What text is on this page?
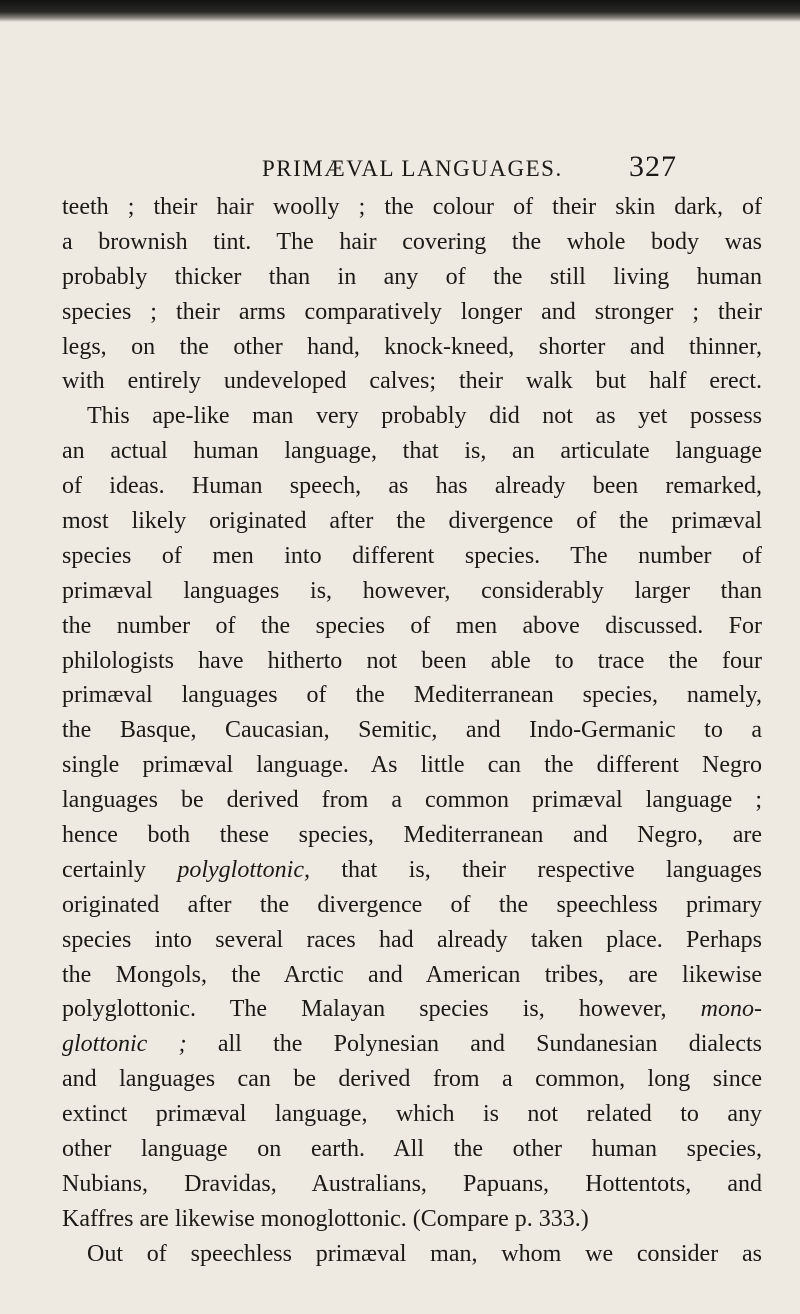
PRIMÆVAL LANGUAGES. 327
teeth ; their hair woolly ; the colour of their skin dark, of
a brownish tint. The hair covering the whole body was
probably thicker than in any of the still living human
species ; their arms comparatively longer and stronger ; their
legs, on the other hand, knock-kneed, shorter and thinner,
with entirely undeveloped calves; their walk but half erect.
This ape-like man very probably did not as yet possess
an actual human language, that is, an articulate language
of ideas. Human speech, as has already been remarked,
most likely originated after the divergence of the primæval
species of men into different species. The number of
primæval languages is, however, considerably larger than
the number of the species of men above discussed. For
philologists have hitherto not been able to trace the four
primæval languages of the Mediterranean species, namely,
the Basque, Caucasian, Semitic, and Indo-Germanic to a
single primæval language. As little can the different Negro
languages be derived from a common primæval language ;
hence both these species, Mediterranean and Negro, are
certainly polyglottonic, that is, their respective languages
originated after the divergence of the speechless primary
species into several races had already taken place. Perhaps
the Mongols, the Arctic and American tribes, are likewise
polyglottonic. The Malayan species is, however, mono-
glottonic ; all the Polynesian and Sundanesian dialects
and languages can be derived from a common, long since
extinct primæval language, which is not related to any
other language on earth. All the other human species,
Nubians, Dravidas, Australians, Papuans, Hottentots, and
Kaffres are likewise monoglottonic. (Compare p. 333.)
Out of speechless primæval man, whom we consider as
